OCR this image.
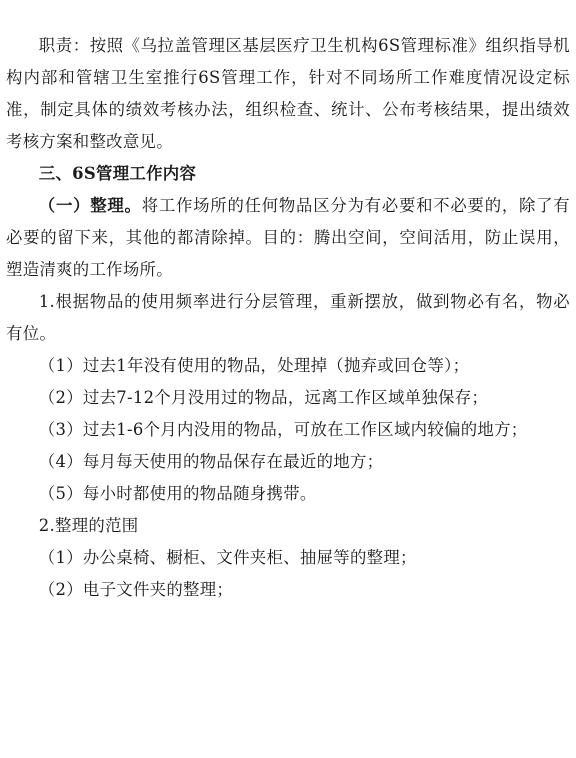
职责：按照《乌拉盖管理区基层医疗卫生机构6S管理标准》组织指导机构内部和管辖卫生室推行6S管理工作，针对不同场所工作难度情况设定标准，制定具体的绩效考核办法，组织检查、统计、公布考核结果，提出绩效考核方案和整改意见。

三、6S管理工作内容

（一）整理。将工作场所的任何物品区分为有必要和不必要的，除了有必要的留下来，其他的都清除掉。目的：腾出空间，空间活用，防止误用，塑造清爽的工作场所。

1.根据物品的使用频率进行分层管理，重新摆放，做到物必有名，物必有位。

（1）过去1年没有使用的物品，处理掉（抛弃或回仓等）；

（2）过去7-12个月没用过的物品，远离工作区域单独保存；

（3）过去1-6个月内没用的物品，可放在工作区域内较偏的地方；

（4）每月每天使用的物品保存在最近的地方；

（5）每小时都使用的物品随身携带。

2.整理的范围

（1）办公桌椅、橱柜、文件夹柜、抽屉等的整理；

（2）电子文件夹的整理；
